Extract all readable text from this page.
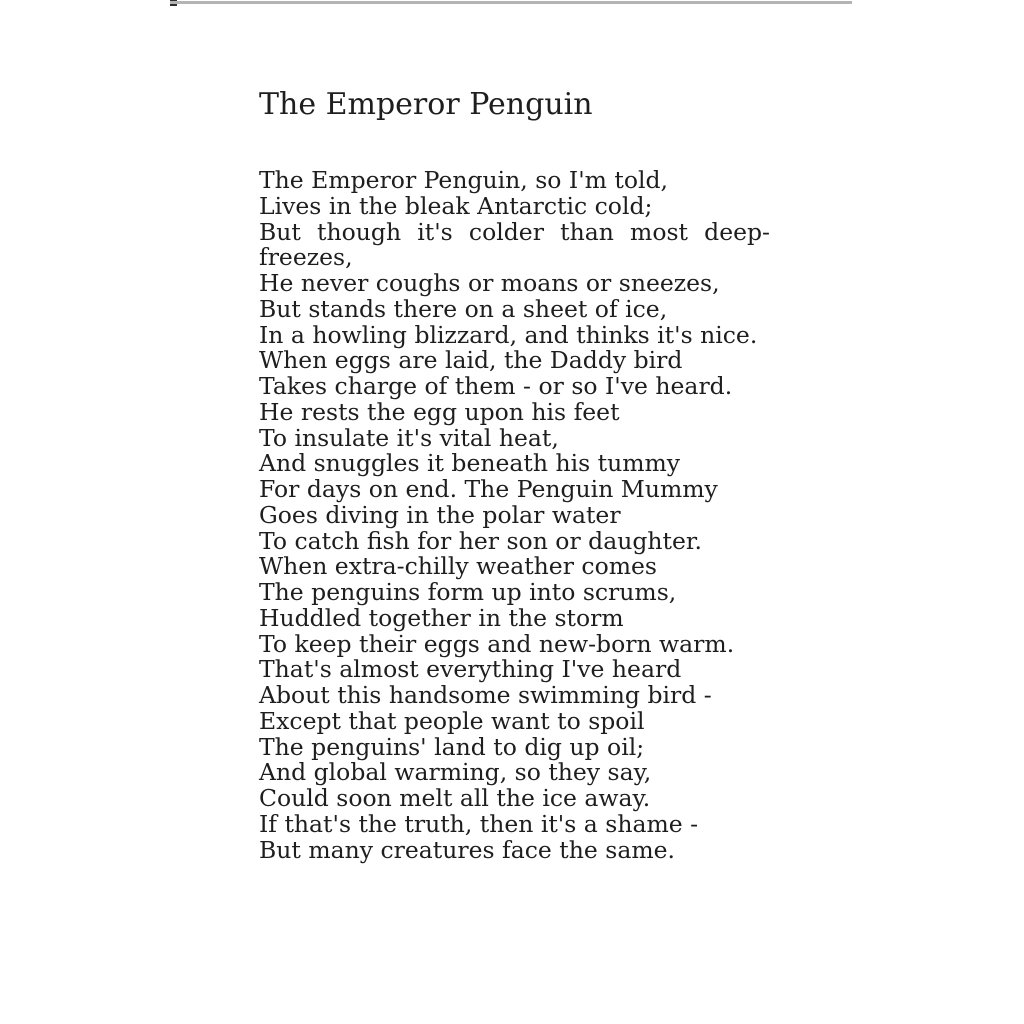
The Emperor Penguin
The Emperor Penguin, so I'm told,
Lives in the bleak Antarctic cold;
But though it's colder than most deep-
freezes,
He never coughs or moans or sneezes,
But stands there on a sheet of ice,
In a howling blizzard, and thinks it's nice.
When eggs are laid, the Daddy bird
Takes charge of them - or so I've heard.
He rests the egg upon his feet
To insulate it's vital heat,
And snuggles it beneath his tummy
For days on end. The Penguin Mummy
Goes diving in the polar water
To catch fish for her son or daughter.
When extra-chilly weather comes
The penguins form up into scrums,
Huddled together in the storm
To keep their eggs and new-born warm.
That's almost everything I've heard
About this handsome swimming bird -
Except that people want to spoil
The penguins' land to dig up oil;
And global warming, so they say,
Could soon melt all the ice away.
If that's the truth, then it's a shame -
But many creatures face the same.
